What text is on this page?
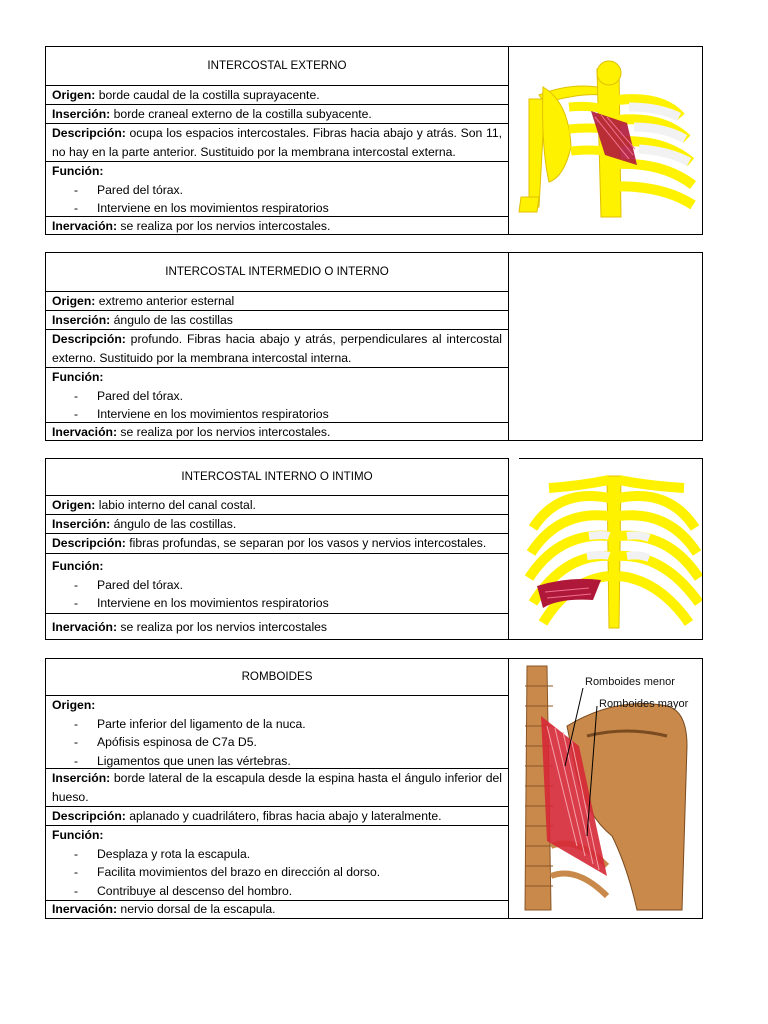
INTERCOSTAL EXTERNO
Origen: borde caudal de la costilla suprayacente.
Inserción: borde craneal externo de la costilla subyacente.
Descripción: ocupa los espacios intercostales. Fibras hacia abajo y atrás. Son 11, no hay en la parte anterior. Sustituido por la membrana intercostal externa.
Función:
- Pared del tórax.
- Interviene en los movimientos respiratorios
Inervación: se realiza por los nervios intercostales.
INTERCOSTAL INTERMEDIO O INTERNO
Origen: extremo anterior esternal
Inserción: ángulo de las costillas
Descripción: profundo. Fibras hacia abajo y atrás, perpendiculares al intercostal externo. Sustituido por la membrana intercostal interna.
Función:
- Pared del tórax.
- Interviene en los movimientos respiratorios
Inervación: se realiza por los nervios intercostales.
INTERCOSTAL INTERNO O INTIMO
Origen: labio interno del canal costal.
Inserción: ángulo de las costillas.
Descripción: fibras profundas, se separan por los vasos y nervios intercostales.
Función:
- Pared del tórax.
- Interviene en los movimientos respiratorios
Inervación: se realiza por los nervios intercostales
ROMBOIDES
Origen:
- Parte inferior del ligamento de la nuca.
- Apófisis espinosa de C7a D5.
- Ligamentos que unen las vértebras.
Inserción: borde lateral de la escapula desde la espina hasta el ángulo inferior del hueso.
Descripción: aplanado y cuadrilátero, fibras hacia abajo y lateralmente.
Función:
- Desplaza y rota la escapula.
- Facilita movimientos del brazo en dirección al dorso.
- Contribuye al descenso del hombro.
Inervación: nervio dorsal de la escapula.
Romboides menor
Romboides mayor
